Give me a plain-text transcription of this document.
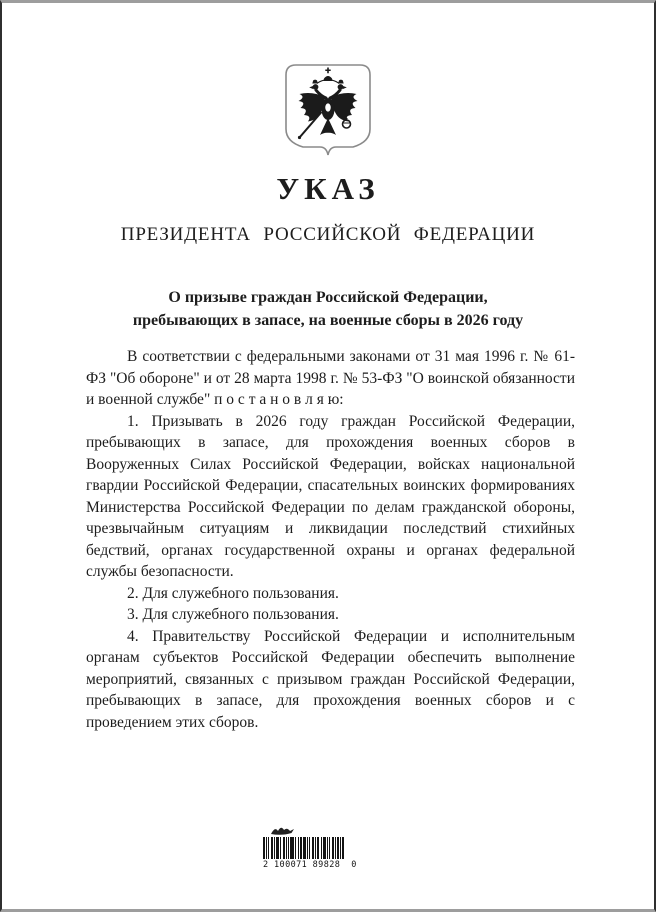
УКАЗ
ПРЕЗИДЕНТА РОССИЙСКОЙ ФЕДЕРАЦИИ
О призыве граждан Российской Федерации,
пребывающих в запасе, на военные сборы в 2026 году

В соответствии с федеральными законами от 31 мая 1996 г. № 61-ФЗ "Об обороне" и от 28 марта 1998 г. № 53-ФЗ "О воинской обязанности и военной службе" п о с т а н о в л я ю:

1. Призывать в 2026 году граждан Российской Федерации, пребывающих в запасе, для прохождения военных сборов в Вооруженных Силах Российской Федерации, войсках национальной гвардии Российской Федерации, спасательных воинских формированиях Министерства Российской Федерации по делам гражданской обороны, чрезвычайным ситуациям и ликвидации последствий стихийных бедствий, органах государственной охраны и органах федеральной службы безопасности.

2. Для служебного пользования.

3. Для служебного пользования.

4. Правительству Российской Федерации и исполнительным органам субъектов Российской Федерации обеспечить выполнение мероприятий, связанных с призывом граждан Российской Федерации, пребывающих в запасе, для прохождения военных сборов и с проведением этих сборов.

2 100071 89828  0
